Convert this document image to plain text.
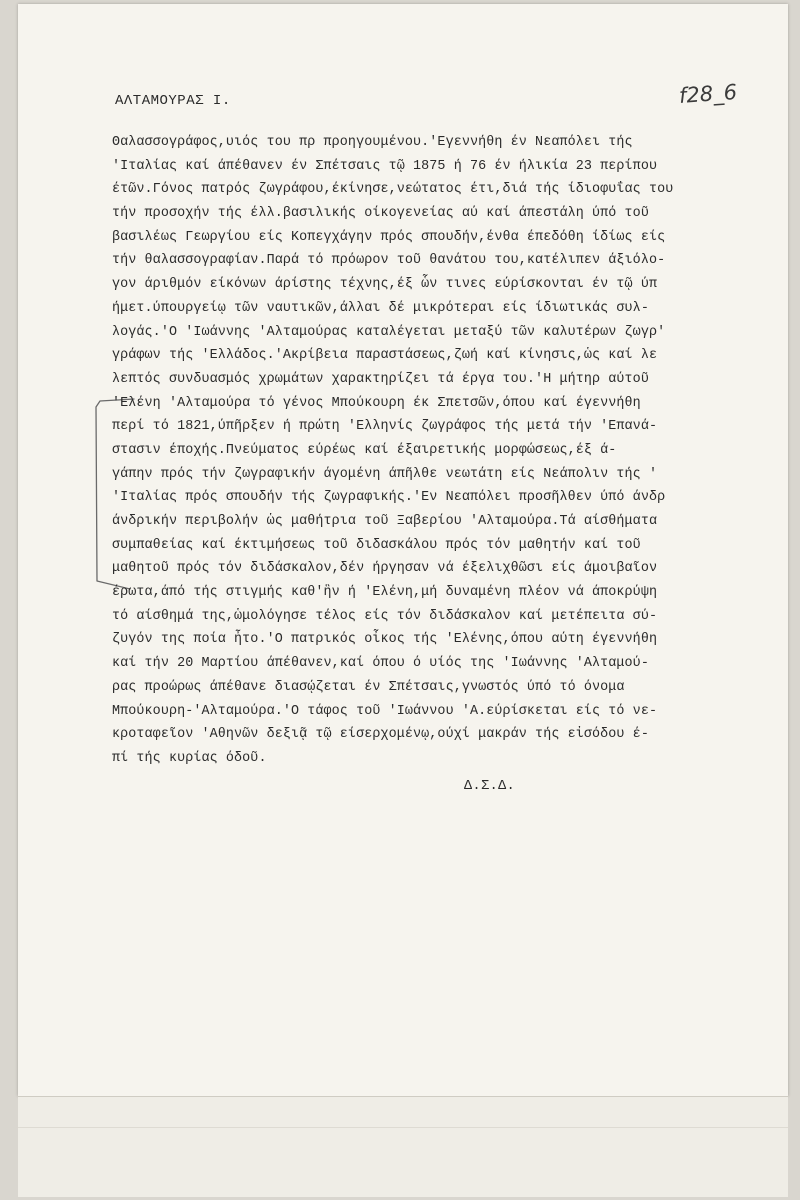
ΑΛΤΑΜΟΥΡΑΣ Ι.	f28_6
Θαλασσογράφος,υιός του πρ προηγουμένου.'Εγεννήθη έν Νεαπόλει τής
'Ιταλίας καί άπέθανεν έν Σπέτσαις τῷ 1875 ή 76 έν ήλικία 23 περίπου
έτῶν.Γόνος πατρός ζωγράφου,έκίνησε,νεώτατος έτι,διά τής ίδιοφυΐας του
τήν προσοχήν τής έλλ.βασιλικής οίκογενείας αύ καί άπεστάλη ύπό τοῦ
βασιλέως Γεωργίου είς Κοπεγχάγην πρός σπουδήν,ένθα έπεδόθη ίδίως είς
τήν θαλασσογραφίαν.Παρά τό πρόωρον τοῦ θανάτου του,κατέλιπεν άξιόλο-
γον άριθμόν είκόνων άρίστης τέχνης,έξ ὧν τινες εύρίσκονται έν τῷ ύπ
ήμετ.ύπουργείῳ τῶν ναυτικῶν,άλλαι δέ μικρότεραι είς ίδιωτικάς συλ-
λογάς.'Ο 'Ιωάννης 'Αλταμούρας καταλέγεται μεταξύ τῶν καλυτέρων ζωγρ'
γράφων τής 'Ελλάδος.'Ακρίβεια παραστάσεως,ζωή καί κίνησις,ὡς καί λε
λεπτός συνδυασμός χρωμάτων χαρακτηρίζει τά έργα του.'Η μήτηρ αύτοῦ
'Ελένη 'Αλταμούρα τό γένος Μπούκουρη έκ Σπετσῶν,όπου καί έγεννήθη
περί τό 1821,ύπῆρξεν ή πρώτη 'Ελληνίς ζωγράφος τής μετά τήν 'Επανά-
στασιν έποχής.Πνεύματος εύρέως καί έξαιρετικής μορφώσεως,έξ ά-
γάπην πρός τήν ζωγραφικήν άγομένη άπῆλθε νεωτάτη είς Νεάπολιν τής '
'Ιταλίας πρός σπουδήν τής ζωγραφικής.'Εν Νεαπόλει προσῆλθεν ύπό άνδρ
άνδρικήν περιβολήν ὡς μαθήτρια τοῦ Ξαβερίου 'Αλταμούρα.Τά αίσθήματα
συμπαθείας καί έκτιμήσεως τοῦ διδασκάλου πρός τόν μαθητήν καί τοῦ
μαθητοῦ πρός τόν διδάσκαλον,δέν ήργησαν νά έξελιχθῶσι είς άμοιβαῖον
έρωτα,άπό τής στιγμής καθ'ἣν ή 'Ελένη,μή δυναμένη πλέον νά άποκρύψη
τό αίσθημά της,ὡμολόγησε τέλος είς τόν διδάσκαλον καί μετέπειτα σύ-
ζυγόν της ποία ἦτο.'Ο πατρικός οἶκος τής 'Ελένης,όπου αύτη έγεννήθη
καί τήν 20 Μαρτίου άπέθανεν,καί όπου ό υίός της 'Ιωάννης 'Αλταμού-
ρας προώρως άπέθανε διασῴζεται έν Σπέτσαις,γνωστός ύπό τό όνομα
Μπούκουρη-'Αλταμούρα.'Ο τάφος τοῦ 'Ιωάννου 'Α.εύρίσκεται είς τό νε-
κροταφεῖον 'Αθηνῶν δεξιᾷ τῷ είσερχομένῳ,ούχί μακράν τής εἰσόδου έ-
πί τής κυρίας όδοῦ.
Δ.Σ.Δ.
